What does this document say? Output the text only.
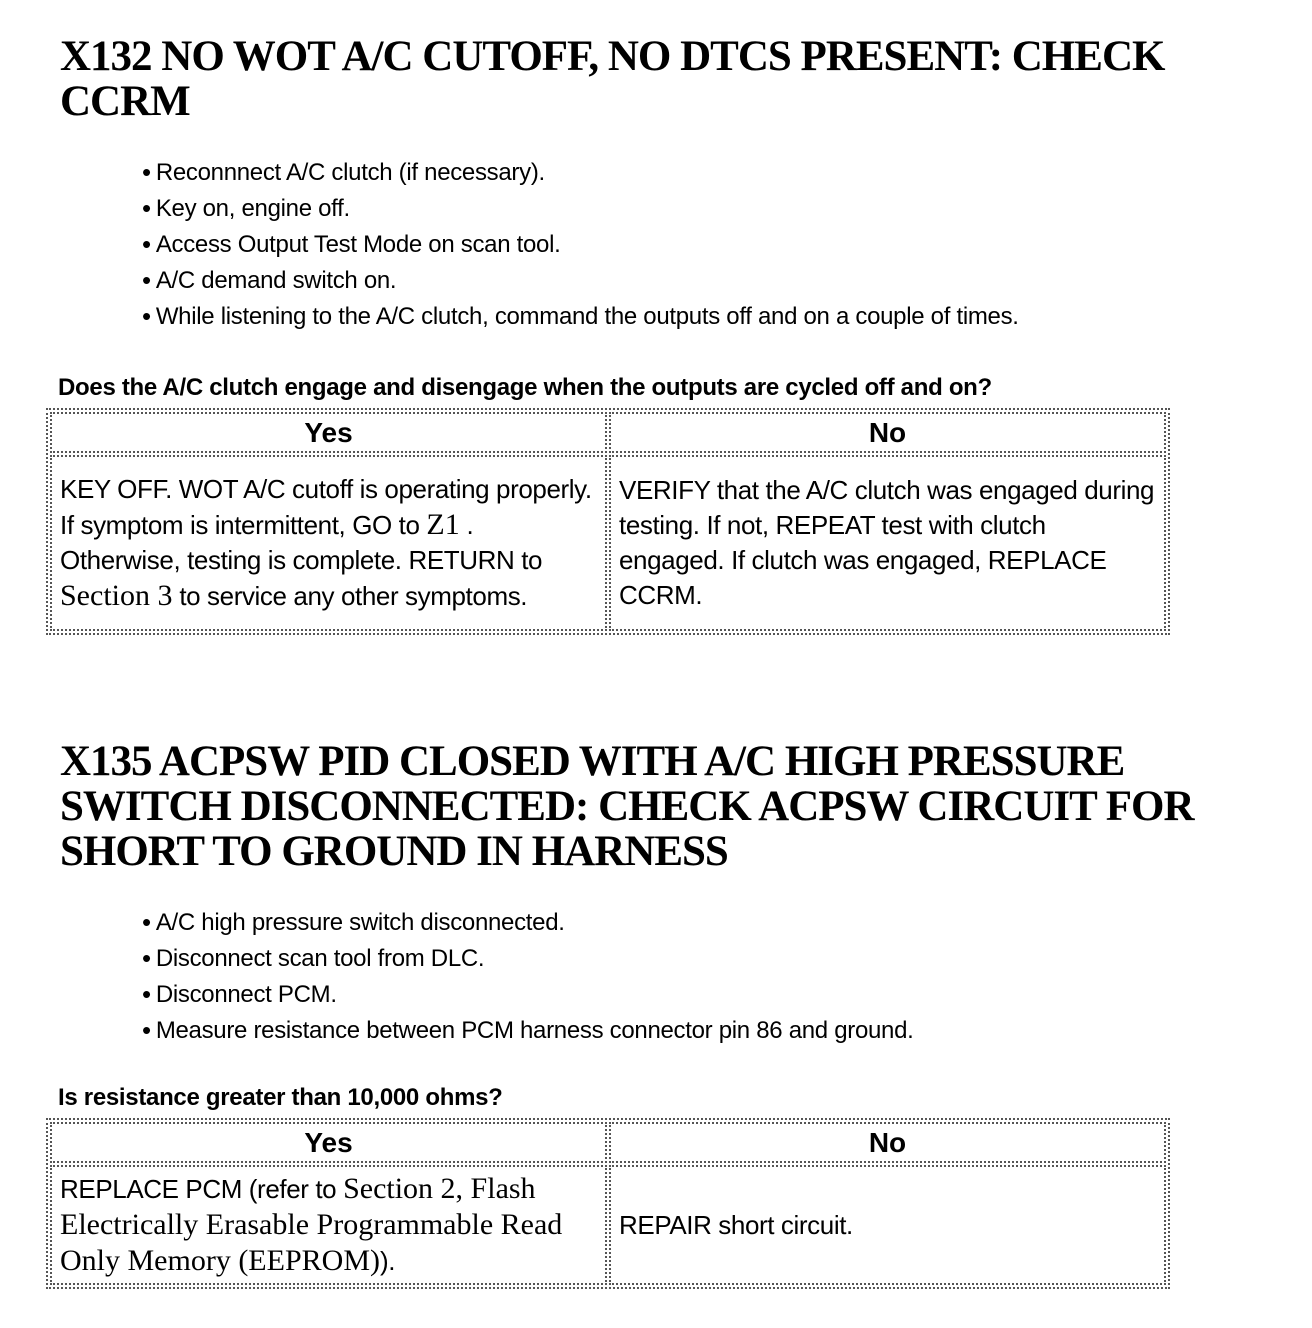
X132 NO WOT A/C CUTOFF, NO DTCS PRESENT: CHECK CCRM
• Reconnnect A/C clutch (if necessary).
• Key on, engine off.
• Access Output Test Mode on scan tool.
• A/C demand switch on.
• While listening to the A/C clutch, command the outputs off and on a couple of times.

Does the A/C clutch engage and disengage when the outputs are cycled off and on?

Yes	No
KEY OFF. WOT A/C cutoff is operating properly. If symptom is intermittent, GO to Z1 . Otherwise, testing is complete. RETURN to Section 3 to service any other symptoms.	VERIFY that the A/C clutch was engaged during testing. If not, REPEAT test with clutch engaged. If clutch was engaged, REPLACE CCRM.
X135 ACPSW PID CLOSED WITH A/C HIGH PRESSURE SWITCH DISCONNECTED: CHECK ACPSW CIRCUIT FOR SHORT TO GROUND IN HARNESS
• A/C high pressure switch disconnected.
• Disconnect scan tool from DLC.
• Disconnect PCM.
• Measure resistance between PCM harness connector pin 86 and ground.

Is resistance greater than 10,000 ohms?

Yes	No
REPLACE PCM (refer to Section 2, Flash Electrically Erasable Programmable Read Only Memory (EEPROM)).	REPAIR short circuit.
